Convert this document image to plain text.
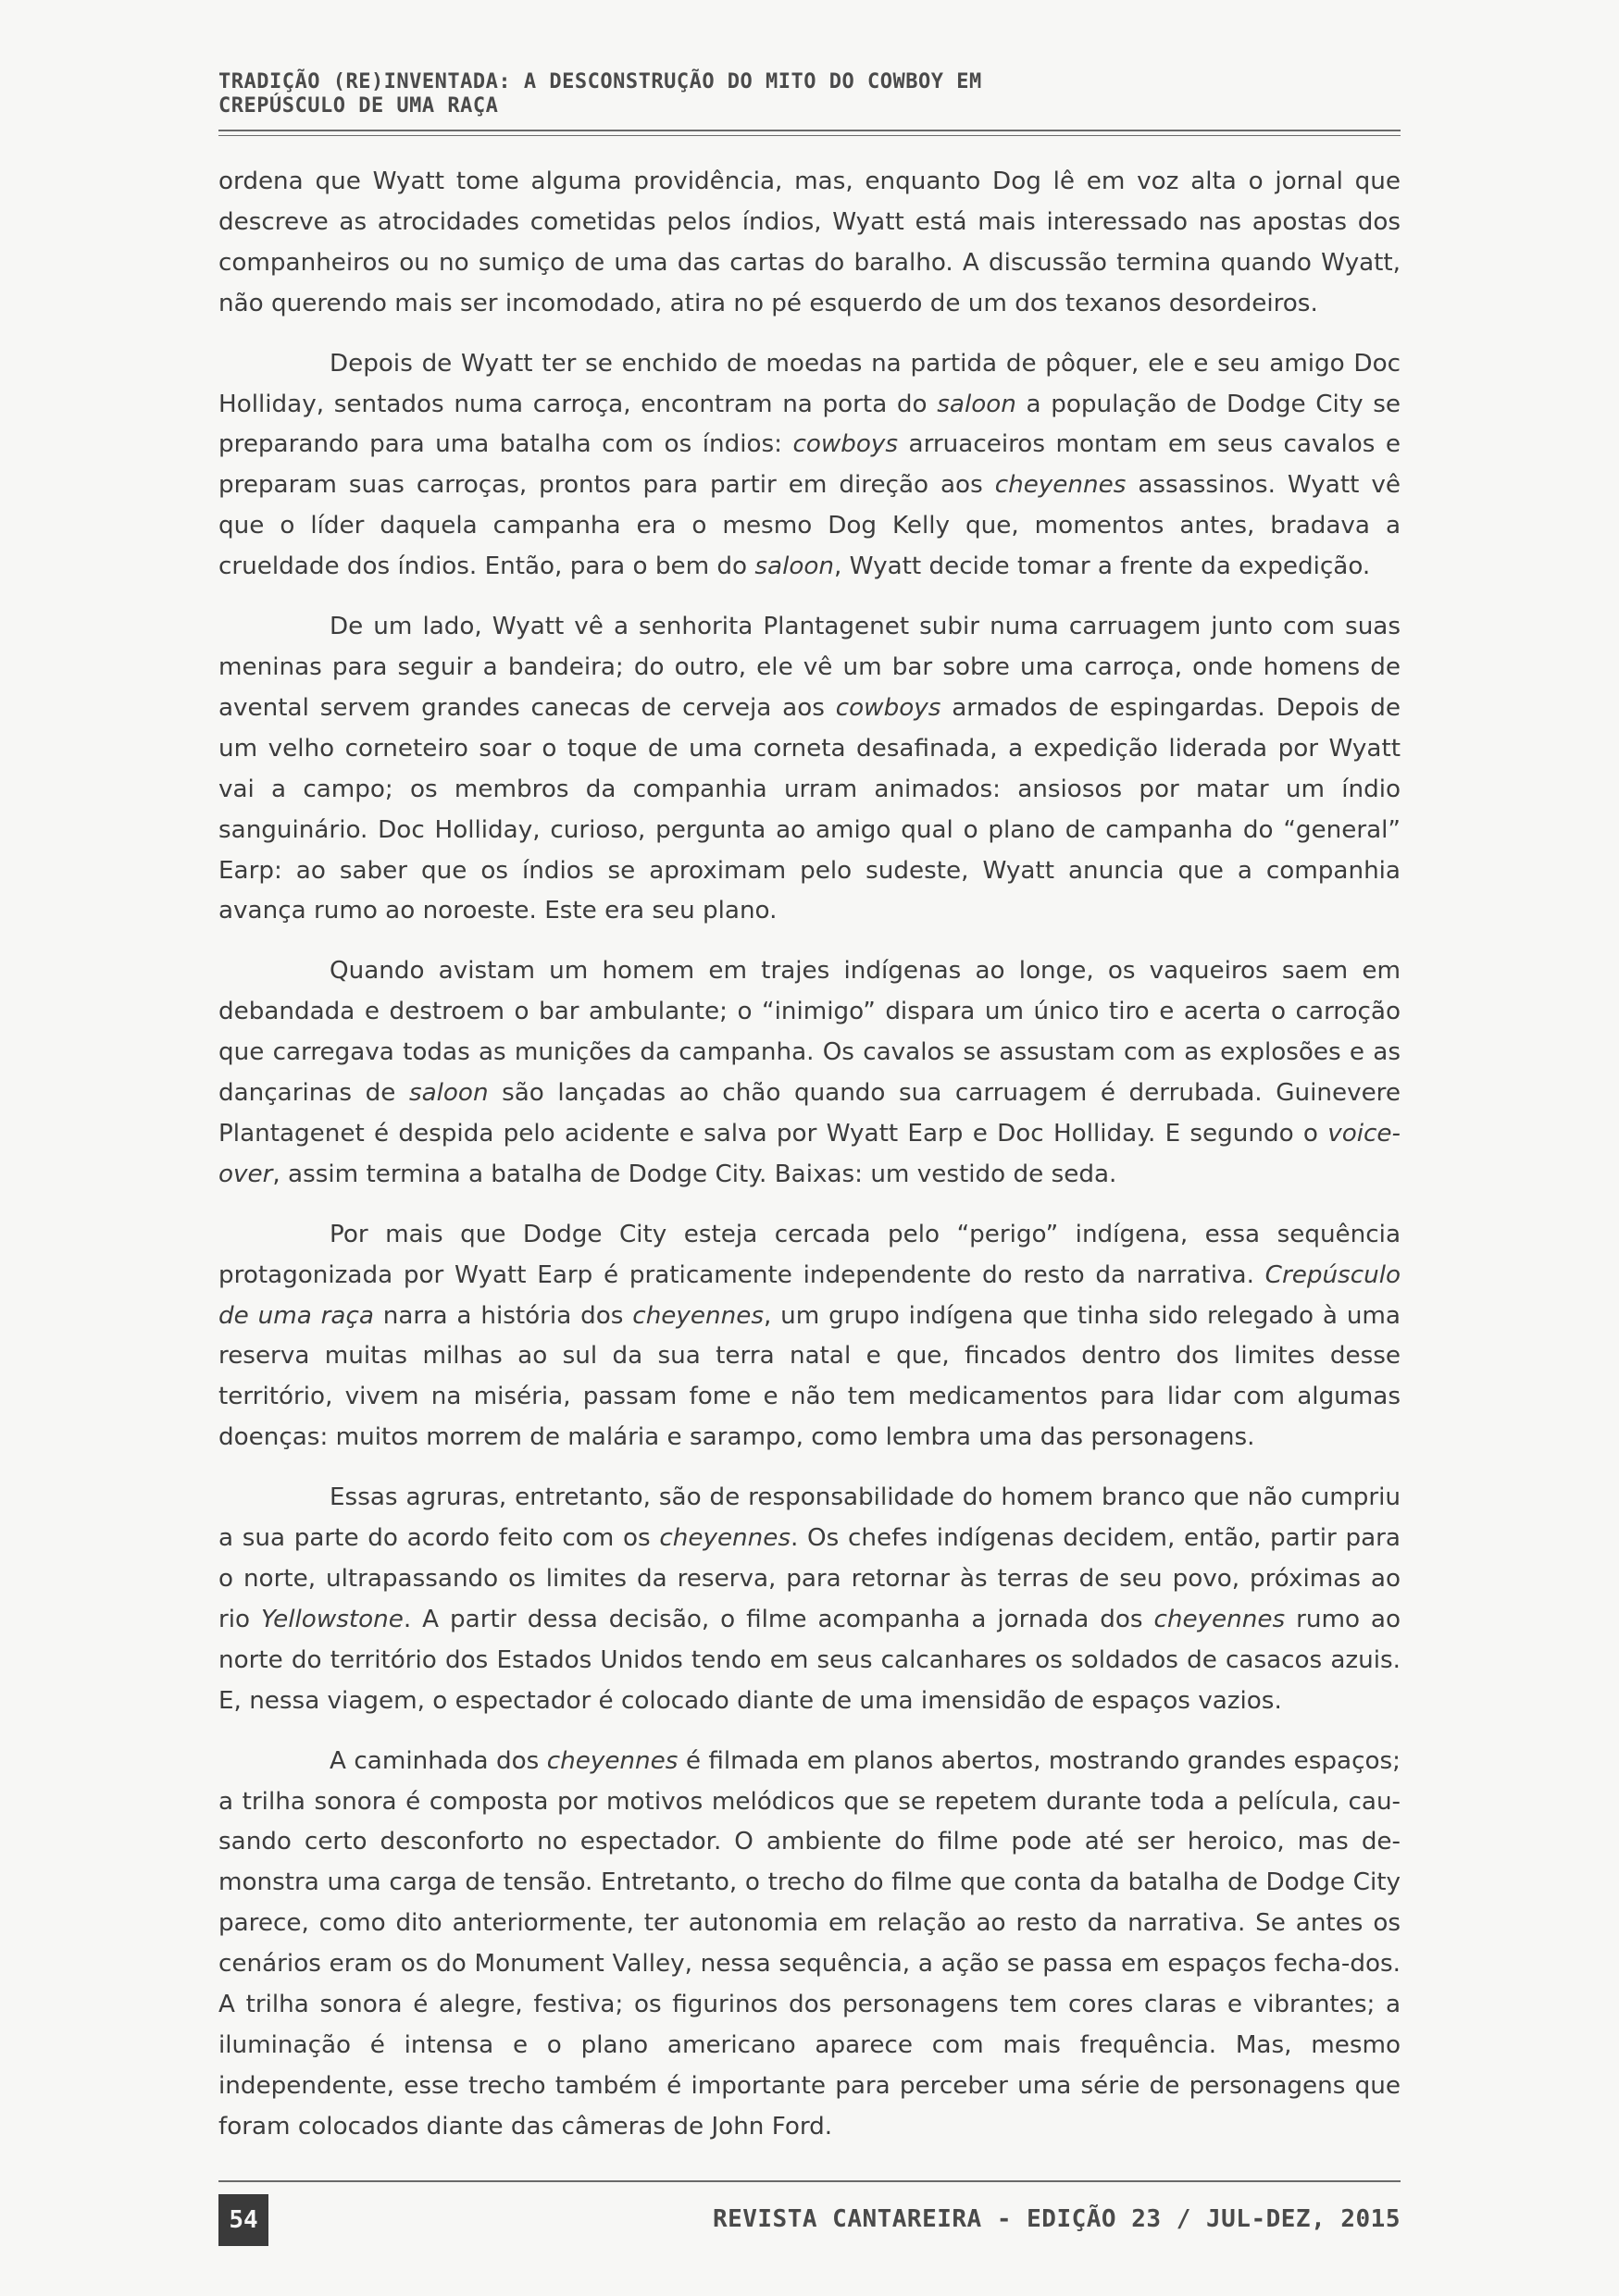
TRADIÇÃO (RE)INVENTADA: A DESCONSTRUÇÃO DO MITO DO COWBOY EM CREPÚSCULO DE UMA RAÇA

ordena que Wyatt tome alguma providência, mas, enquanto Dog lê em voz alta o jornal que descreve as atrocidades cometidas pelos índios, Wyatt está mais interessado nas apostas dos companheiros ou no sumiço de uma das cartas do baralho. A discussão termina quando Wyatt, não querendo mais ser incomodado, atira no pé esquerdo de um dos texanos desordeiros.

Depois de Wyatt ter se enchido de moedas na partida de pôquer, ele e seu amigo Doc Holliday, sentados numa carroça, encontram na porta do saloon a população de Dodge City se preparando para uma batalha com os índios: cowboys arruaceiros montam em seus cavalos e preparam suas carroças, prontos para partir em direção aos cheyennes assassinos. Wyatt vê que o líder daquela campanha era o mesmo Dog Kelly que, momentos antes, bradava a crueldade dos índios. Então, para o bem do saloon, Wyatt decide tomar a frente da expedição.

De um lado, Wyatt vê a senhorita Plantagenet subir numa carruagem junto com suas meninas para seguir a bandeira; do outro, ele vê um bar sobre uma carroça, onde homens de avental servem grandes canecas de cerveja aos cowboys armados de espingardas. Depois de um velho corneteiro soar o toque de uma corneta desafinada, a expedição liderada por Wyatt vai a campo; os membros da companhia urram animados: ansiosos por matar um índio sanguinário. Doc Holliday, curioso, pergunta ao amigo qual o plano de campanha do “general” Earp: ao saber que os índios se aproximam pelo sudeste, Wyatt anuncia que a companhia avança rumo ao noroeste. Este era seu plano.

Quando avistam um homem em trajes indígenas ao longe, os vaqueiros saem em debandada e destroem o bar ambulante; o “inimigo” dispara um único tiro e acerta o carroção que carregava todas as munições da campanha. Os cavalos se assustam com as explosões e as dançarinas de saloon são lançadas ao chão quando sua carruagem é derrubada. Guinevere Plantagenet é despida pelo acidente e salva por Wyatt Earp e Doc Holliday. E segundo o voice-over, assim termina a batalha de Dodge City. Baixas: um vestido de seda.

Por mais que Dodge City esteja cercada pelo “perigo” indígena, essa sequência protagonizada por Wyatt Earp é praticamente independente do resto da narrativa. Crepúsculo de uma raça narra a história dos cheyennes, um grupo indígena que tinha sido relegado à uma reserva muitas milhas ao sul da sua terra natal e que, fincados dentro dos limites desse território, vivem na miséria, passam fome e não tem medicamentos para lidar com algumas doenças: muitos morrem de malária e sarampo, como lembra uma das personagens.

Essas agruras, entretanto, são de responsabilidade do homem branco que não cumpriu a sua parte do acordo feito com os cheyennes. Os chefes indígenas decidem, então, partir para o norte, ultrapassando os limites da reserva, para retornar às terras de seu povo, próximas ao rio Yellowstone. A partir dessa decisão, o filme acompanha a jornada dos cheyennes rumo ao norte do território dos Estados Unidos tendo em seus calcanhares os soldados de casacos azuis. E, nessa viagem, o espectador é colocado diante de uma imensidão de espaços vazios.

A caminhada dos cheyennes é filmada em planos abertos, mostrando grandes espaços; a trilha sonora é composta por motivos melódicos que se repetem durante toda a película, cau-sando certo desconforto no espectador. O ambiente do filme pode até ser heroico, mas de-monstra uma carga de tensão. Entretanto, o trecho do filme que conta da batalha de Dodge City parece, como dito anteriormente, ter autonomia em relação ao resto da narrativa. Se antes os cenários eram os do Monument Valley, nessa sequência, a ação se passa em espaços fecha-dos. A trilha sonora é alegre, festiva; os figurinos dos personagens tem cores claras e vibrantes; a iluminação é intensa e o plano americano aparece com mais frequência. Mas, mesmo independente, esse trecho também é importante para perceber uma série de personagens que foram colocados diante das câmeras de John Ford.

54	REVISTA CANTAREIRA - EDIÇÃO 23 / JUL-DEZ, 2015
